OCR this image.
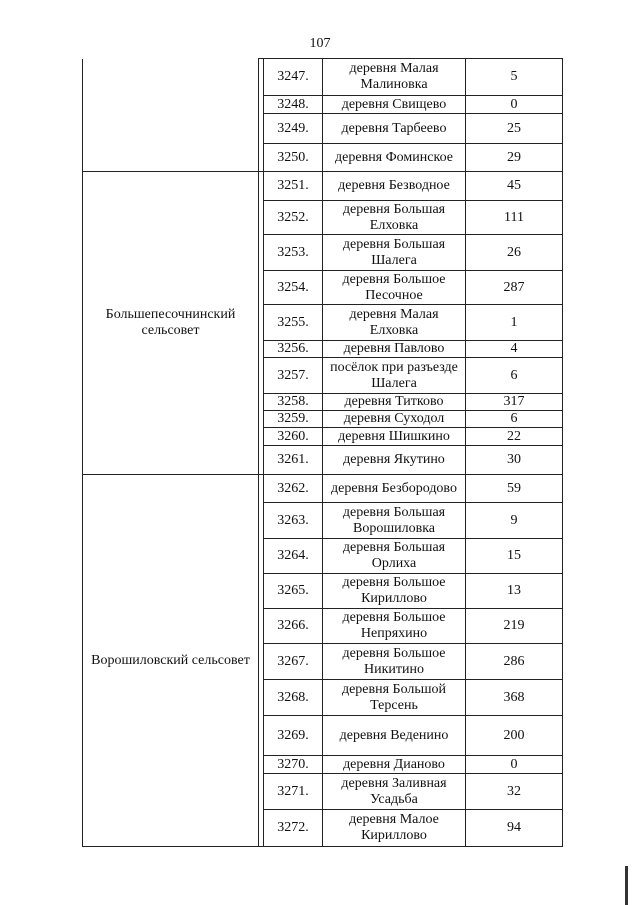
107
		3247.	деревня Малая Малиновка	5
		3248.	деревня Свищево	0
		3249.	деревня Тарбеево	25
		3250.	деревня Фоминское	29
Большепесочнинский сельсовет		3251.	деревня Безводное	45
		3252.	деревня Большая Елховка	111
		3253.	деревня Большая Шалега	26
		3254.	деревня Большое Песочное	287
		3255.	деревня Малая Елховка	1
		3256.	деревня Павлово	4
		3257.	посёлок при разъезде Шалега	6
		3258.	деревня Титково	317
		3259.	деревня Суходол	6
		3260.	деревня Шишкино	22
		3261.	деревня Якутино	30
Ворошиловский сельсовет		3262.	деревня Безбородово	59
		3263.	деревня Большая Ворошиловка	9
		3264.	деревня Большая Орлиха	15
		3265.	деревня Большое Кириллово	13
		3266.	деревня Большое Непряхино	219
		3267.	деревня Большое Никитино	286
		3268.	деревня Большой Терсень	368
		3269.	деревня Веденино	200
		3270.	деревня Дианово	0
		3271.	деревня Заливная Усадьба	32
		3272.	деревня Малое Кириллово	94
